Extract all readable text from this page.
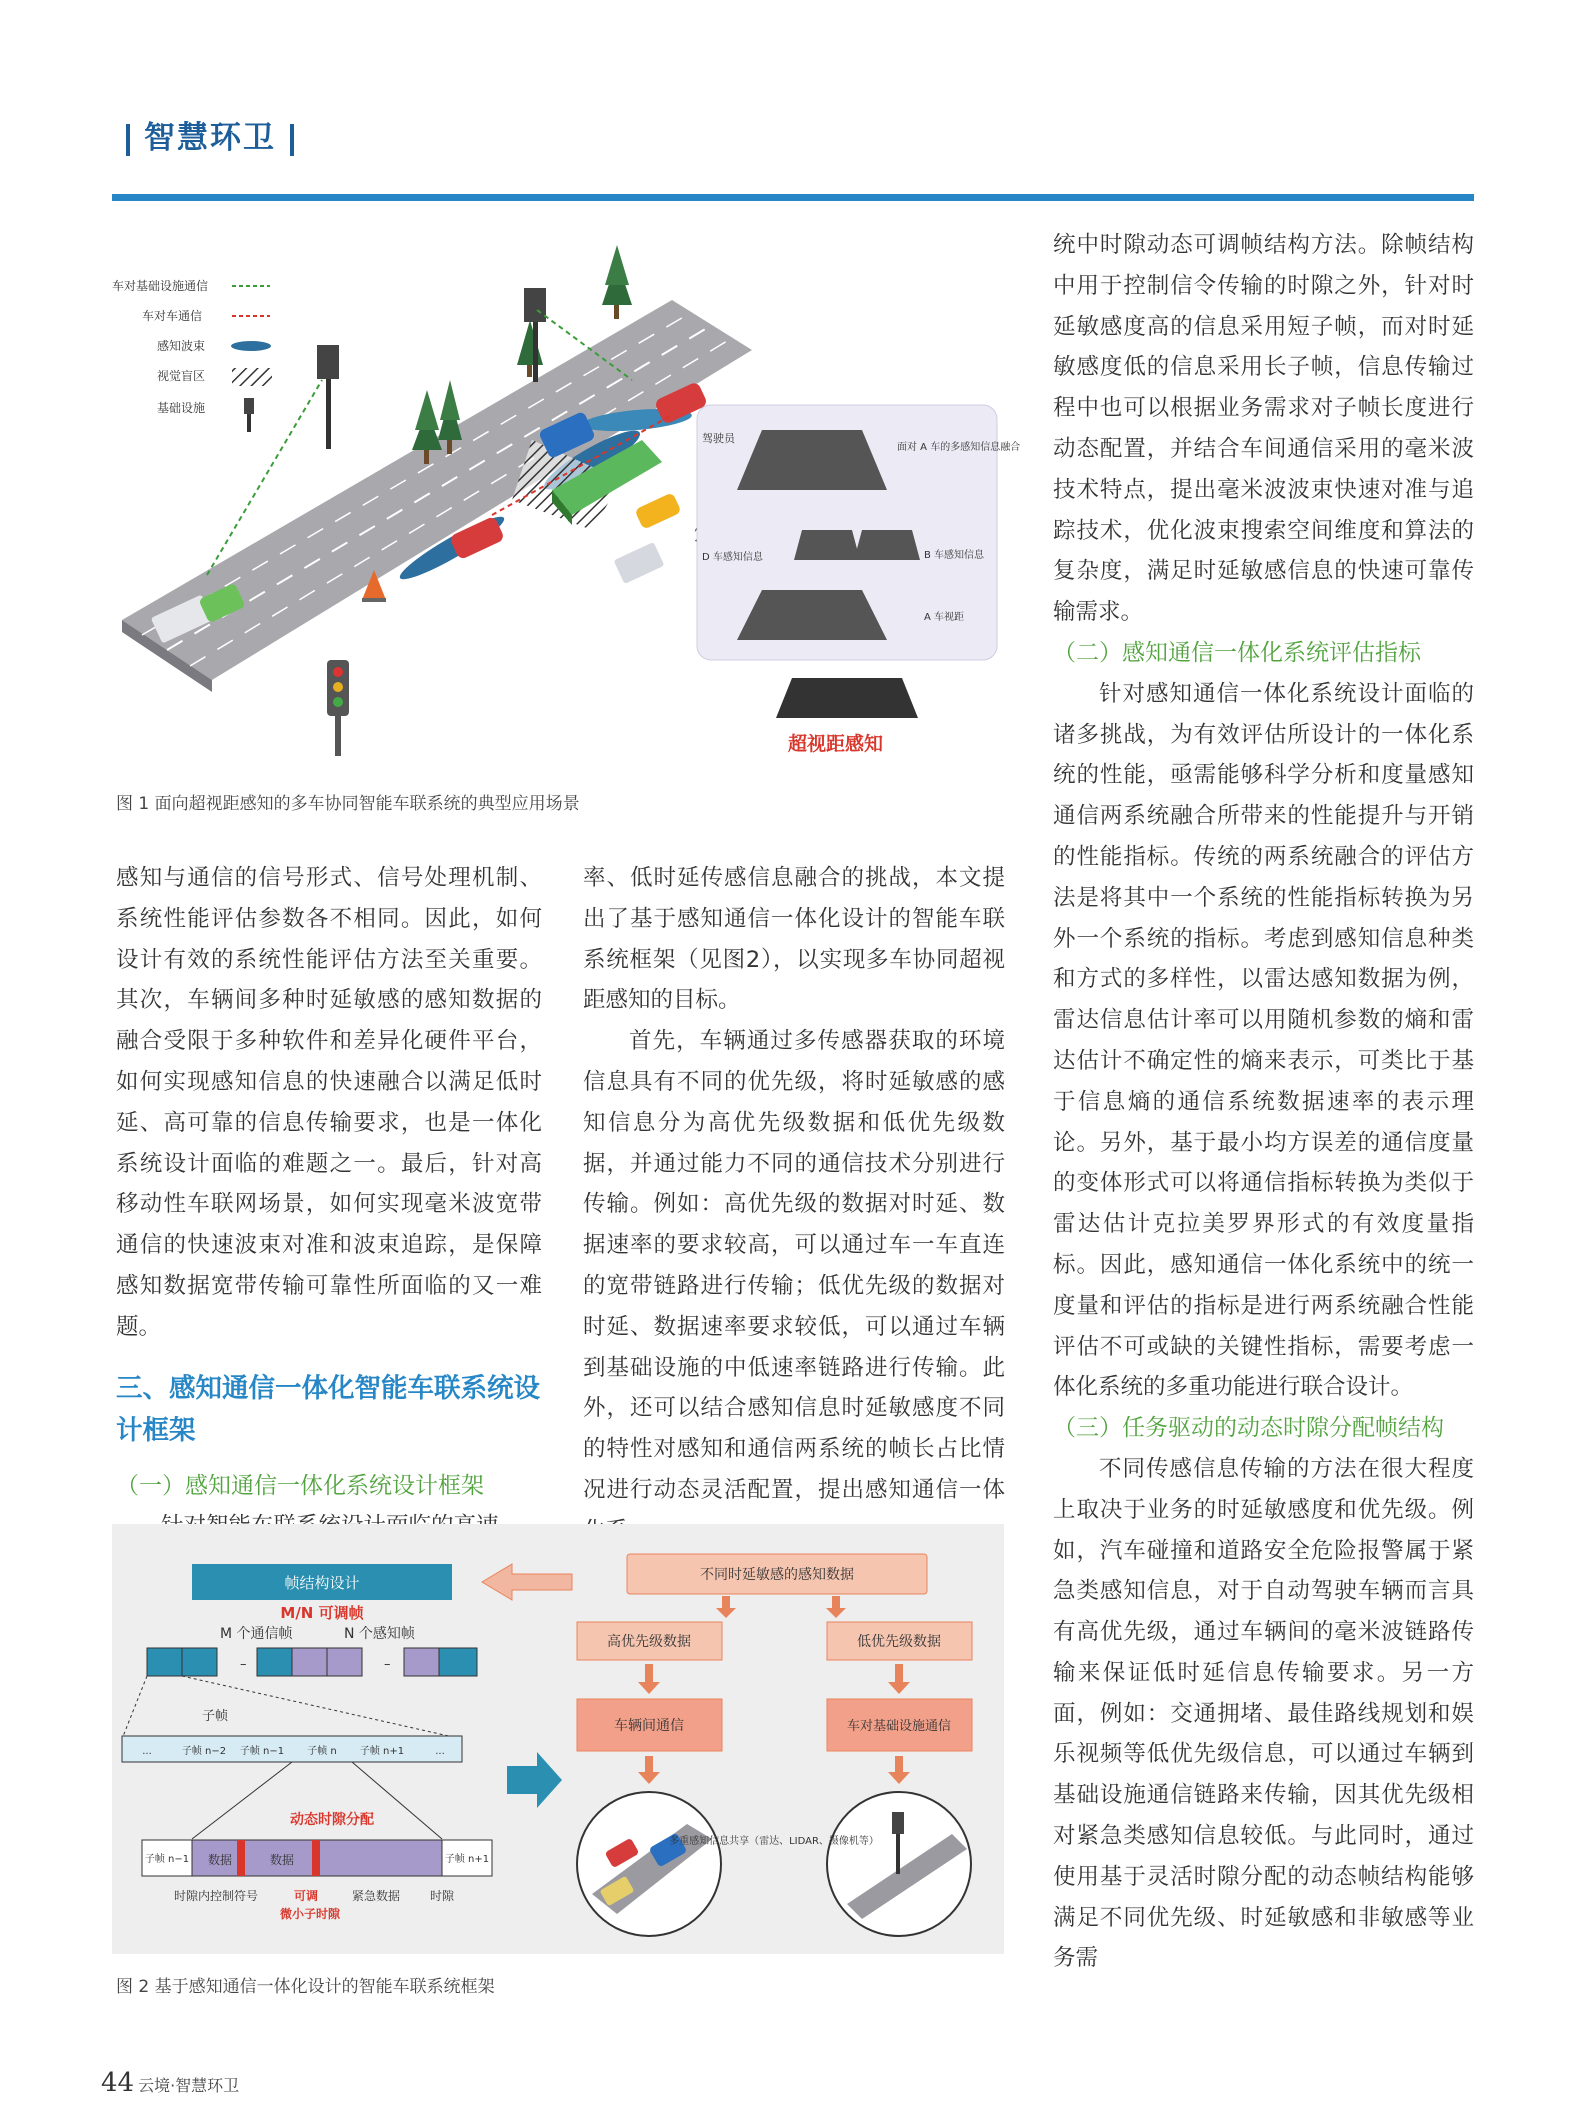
智慧环卫
车对基础设施通信
车对车通信
感知波束
视觉盲区
基础设施
驾驶员
面对 A 车的多感知信息融合
D 车感知信息	B 车感知信息
A 车视距
超视距感知
图 1 面向超视距感知的多车协同智能车联系统的典型应用场景

感知与通信的信号形式、信号处理机制、系统性能评估参数各不相同。因此，如何设计有效的系统性能评估方法至关重要。其次，车辆间多种时延敏感的感知数据的融合受限于多种软件和差异化硬件平台，如何实现感知信息的快速融合以满足低时延、高可靠的信息传输要求，也是一体化系统设计面临的难题之一。最后，针对高移动性车联网场景，如何实现毫米波宽带通信的快速波束对准和波束追踪，是保障感知数据宽带传输可靠性所面临的又一难题。

三、感知通信一体化智能车联系统设计框架

（一）感知通信一体化系统设计框架

率、低时延传感信息融合的挑战，本文提出了基于感知通信一体化设计的智能车联系统框架（见图2），以实现多车协同超视距感知的目标。

首先，车辆通过多传感器获取的环境信息具有不同的优先级，将时延敏感的感知信息分为高优先级数据和低优先级数据，并通过能力不同的通信技术分别进行传输。例如：高优先级的数据对时延、数据速率的要求较高，可以通过车一车直连的宽带链路进行传输；低优先级的数据对时延、数据速率要求较低，可以通过车辆到基础设施的中低速率链路进行传输。此外，还可以结合感知信息时延敏感度不同的特性对感知和通信两系统的帧长占比情况进行动态灵活配置，提出感知通信一体

统中时隙动态可调帧结构方法。除帧结构中用于控制信令传输的时隙之外，针对时延敏感度高的信息采用短子帧，而对时延敏感度低的信息采用长子帧，信息传输过程中也可以根据业务需求对子帧长度进行动态配置，并结合车间通信采用的毫米波技术特点，提出毫米波波束快速对准与追踪技术，优化波束搜索空间维度和算法的复杂度，满足时延敏感信息的快速可靠传输需求。

（二）感知通信一体化系统评估指标

针对感知通信一体化系统设计面临的诸多挑战，为有效评估所设计的一体化系统的性能，亟需能够科学分析和度量感知通信两系统融合所带来的性能提升与开销的性能指标。传统的两系统融合的评估方法是将其中一个系统的性能指标转换为另外一个系统的指标。考虑到感知信息种类和方式的多样性，以雷达感知数据为例，雷达信息估计率可以用随机参数的熵和雷达估计不确定性的熵来表示，可类比于基于信息熵的通信系统数据速率的表示理论。另外，基于最小均方误差的通信度量的变体形式可以将通信指标转换为类似于雷达估计克拉美罗界形式的有效度量指标。因此，感知通信一体化系统中的统一度量和评估的指标是进行两系统融合性能评估不可或缺的关键性指标，需要考虑一体化系统的多重功能进行联合设计。

（三）任务驱动的动态时隙分配帧结构

不同传感信息传输的方法在很大程度上取决于业务的时延敏感度和优先级。例如，汽车碰撞和道路安全危险报警属于紧急类感知信息，对于自动驾驶车辆而言具有高优先级，通过车辆间的毫米波链路传输来保证低时延信息传输要求。另一方面，例如：交通拥堵、最佳路线规划和娱乐视频等低优先级信息，可以通过车辆到基础设施通信链路来传输，因其优先级相对紧急类感知信息较低。与此同时，通过使用基于灵活时隙分配的动态帧结构能够满足不同优先级、时延敏感和非敏感等业务需

帧结构设计
M/N 可调帧
M 个通信帧	N 个感知帧
–	–
子帧
...	子帧 n−2 子帧 n−1 子帧 n 子帧 n+1	...
动态时隙分配
子帧 n−1 数据	数据	子帧 n+1
时隙内控制符号	可调
微小子时隙
紧急数据 时隙
不同时延敏感的感知数据
高优先级数据	低优先级数据
车辆间通信	车对基础设施通信
多重感知信息共享（雷达、LIDAR、摄像机等）
图 2 基于感知通信一体化设计的智能车联系统框架
44 云境·智慧环卫
